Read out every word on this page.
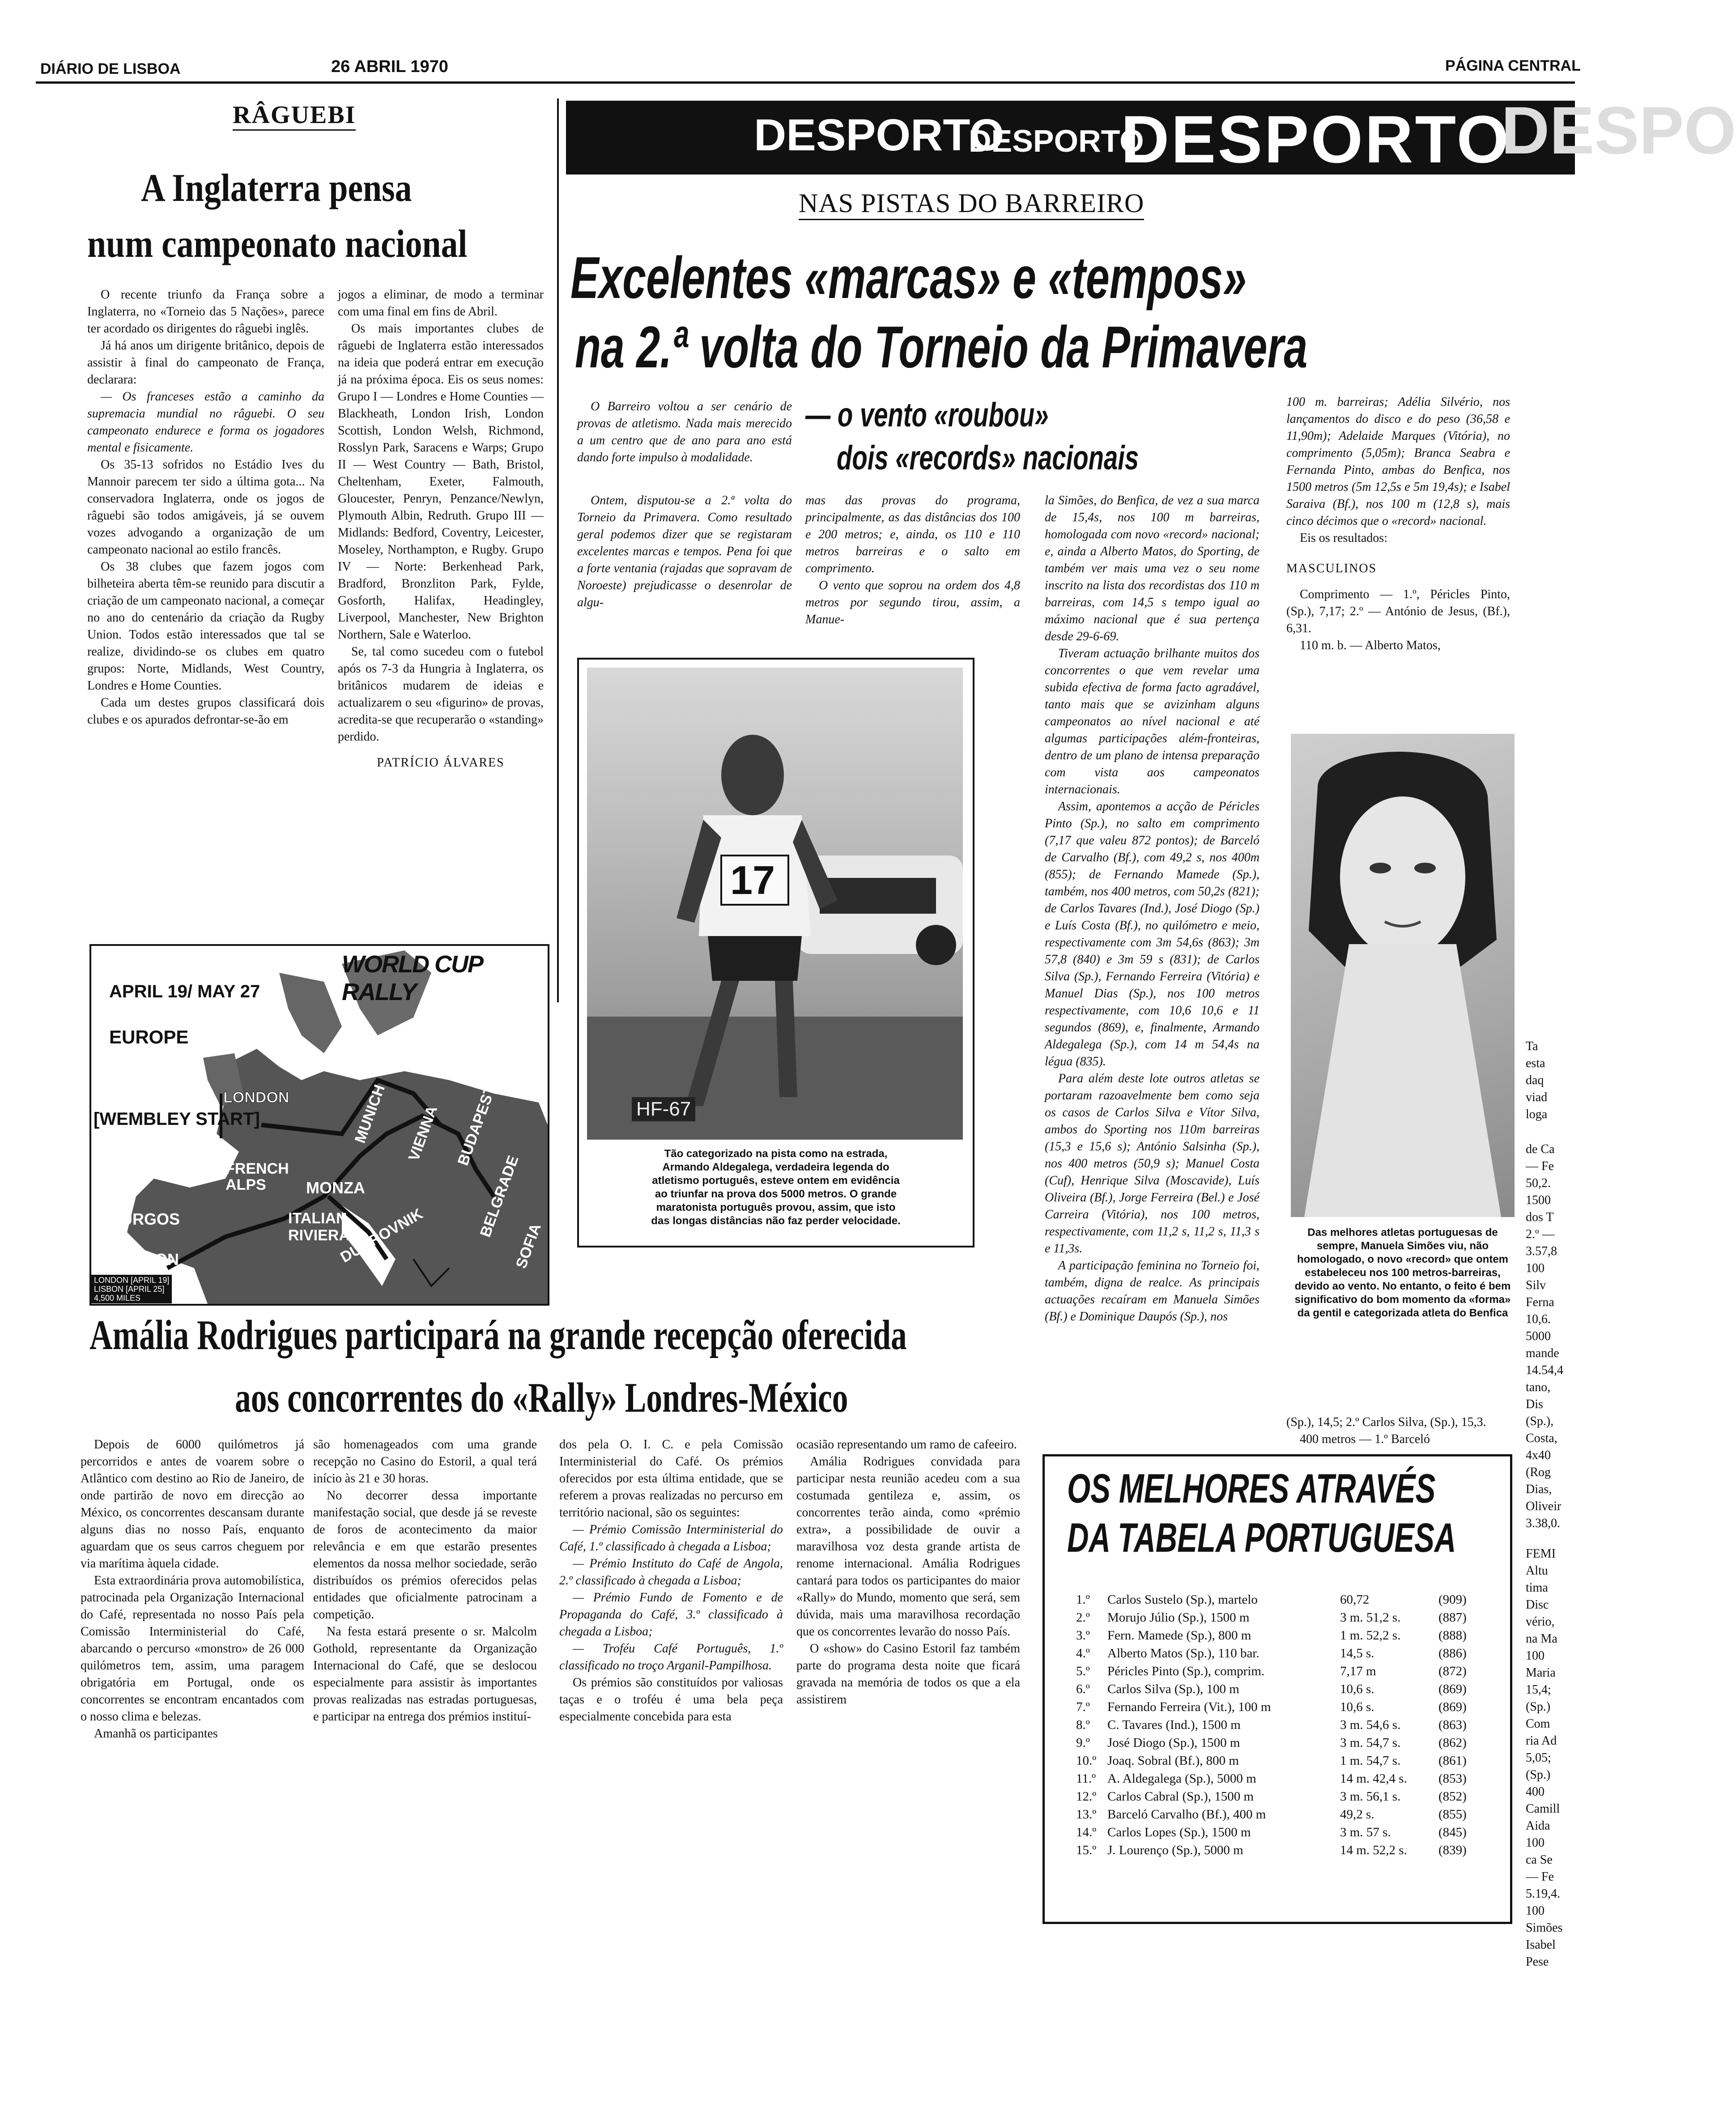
DIÁRIO DE LISBOA	26 ABRIL 1970	PÁGINA CENTRAL
RÂGUEBI
A Inglaterra pensa
num campeonato nacional

O recente triunfo da França sobre a Inglaterra, no «Torneio das 5 Nações», parece ter acordado os dirigentes do râguebi inglês.

Já há anos um dirigente britânico, depois de assistir à final do campeonato de França, declarara:

— Os franceses estão a caminho da supremacia mundial no râguebi. O seu campeonato endurece e forma os jogadores mental e fisicamente.

Os 35-13 sofridos no Estádio Ives du Mannoir parecem ter sido a última gota... Na conservadora Inglaterra, onde os jogos de râguebi são todos amigáveis, já se ouvem vozes advogando a organização de um campeonato nacional ao estilo francês.

Os 38 clubes que fazem jogos com bilheteira aberta têm-se reunido para discutir a criação de um campeonato nacional, a começar no ano do centenário da criação da Rugby Union. Todos estão interessados que tal se realize, dividindo-se os clubes em quatro grupos: Norte, Midlands, West Country, Londres e Home Counties.

Cada um destes grupos classificará dois clubes e os apurados defrontar-se-ão em

jogos a eliminar, de modo a terminar com uma final em fins de Abril.

Os mais importantes clubes de râguebi de Inglaterra estão interessados na ideia que poderá entrar em execução já na próxima época. Eis os seus nomes: Grupo I — Londres e Home Counties — Blackheath, London Irish, London Scottish, London Welsh, Richmond, Rosslyn Park, Saracens e Warps; Grupo II — West Country — Bath, Bristol, Cheltenham, Exeter, Falmouth, Gloucester, Penryn, Penzance/Newlyn, Plymouth Albin, Redruth. Grupo III — Midlands: Bedford, Coventry, Leicester, Moseley, Northampton, e Rugby. Grupo IV — Norte: Berkenhead Park, Bradford, Bronzliton Park, Fylde, Gosforth, Halifax, Headingley, Liverpool, Manchester, New Brighton Northern, Sale e Waterloo.

Se, tal como sucedeu com o futebol após os 7-3 da Hungria à Inglaterra, os britânicos mudarem de ideias e actualizarem o seu «figurino» de provas, acredita-se que recuperarão o «standing» perdido.

PATRÍCIO ÁLVARES

WORLD CUP RALLY
APRIL 19/ MAY 27
EUROPE
LONDON
[WEMBLEY START]	MUNICH VIENNA BUDAPEST
BELGRADE
SOFIA
FRENCH ALPS	MONZA
ITALIAN RIVIERA
BURGOS
LISBON	DUBROVNIK
LONDON [APRIL 19]
LISBON [APRIL 25]
4,500 MILES
DESPORTO
DESPORTO
DESPORTO
DESPO
NAS PISTAS DO BARREIRO
Excelentes «marcas» e «tempos»
na 2.ª volta do Torneio da Primavera

O Barreiro voltou a ser cenário de provas de atletismo. Nada mais merecido a um centro que de ano para ano está dando forte impulso à modalidade.

— o vento «roubou»
dois «records» nacionais

Ontem, disputou-se a 2.ª volta do Torneio da Primavera. Como resultado geral podemos dizer que se registaram excelentes marcas e tempos. Pena foi que a forte ventania (rajadas que sopravam de Noroeste) prejudicasse o desenrolar de algu-

mas das provas do programa, principalmente, as das distâncias dos 100 e 200 metros; e, ainda, os 110 e 110 metros barreiras e o salto em comprimento.

O vento que soprou na ordem dos 4,8 metros por segundo tirou, assim, a Manue-

17
HF-67
Tão categorizado na pista como na estrada, Armando Aldegalega, verdadeira legenda do atletismo português, esteve ontem em evidência ao triunfar na prova dos 5000 metros. O grande maratonista português provou, assim, que isto das longas distâncias não faz perder velocidade.

la Simões, do Benfica, de vez a sua marca de 15,4s, nos 100 m barreiras, homologada com novo «record» nacional; e, ainda a Alberto Matos, do Sporting, de também ver mais uma vez o seu nome inscrito na lista dos recordistas dos 110 m barreiras, com 14,5 s tempo igual ao máximo nacional que é sua pertença desde 29-6-69.

Tiveram actuação brilhante muitos dos concorrentes o que vem revelar uma subida efectiva de forma facto agradável, tanto mais que se avizinham alguns campeonatos ao nível nacional e até algumas participações além-fronteiras, dentro de um plano de intensa preparação com vista aos campeonatos internacionais.

Assim, apontemos a acção de Péricles Pinto (Sp.), no salto em comprimento (7,17 que valeu 872 pontos); de Barceló de Carvalho (Bf.), com 49,2 s, nos 400m (855); de Fernando Mamede (Sp.), também, nos 400 metros, com 50,2s (821); de Carlos Tavares (Ind.), José Diogo (Sp.) e Luís Costa (Bf.), no quilómetro e meio, respectivamente com 3m 54,6s (863); 3m 57,8 (840) e 3m 59 s (831); de Carlos Silva (Sp.), Fernando Ferreira (Vitória) e Manuel Dias (Sp.), nos 100 metros respectivamente, com 10,6 10,6 e 11 segundos (869), e, finalmente, Armando Aldegalega (Sp.), com 14 m 54,4s na légua (835).

Para além deste lote outros atletas se portaram razoavelmente bem como seja os casos de Carlos Silva e Vítor Silva, ambos do Sporting nos 110m barreiras (15,3 e 15,6 s); António Salsinha (Sp.), nos 400 metros (50,9 s); Manuel Costa (Cuf), Henrique Silva (Moscavide), Luís Oliveira (Bf.), Jorge Ferreira (Bel.) e José Carreira (Vitória), nos 100 metros, respectivamente, com 11,2 s, 11,2 s, 11,3 s e 11,3s.

A participação feminina no Torneio foi, também, digna de realce. As principais actuações recaíram em Manuela Simões (Bf.) e Dominique Daupós (Sp.), nos

100 m. barreiras; Adélia Silvério, nos lançamentos do disco e do peso (36,58 e 11,90m); Adelaide Marques (Vitória), no comprimento (5,05m); Branca Seabra e Fernanda Pinto, ambas do Benfica, nos 1500 metros (5m 12,5s e 5m 19,4s); e Isabel Saraiva (Bf.), nos 100 m (12,8 s), mais cinco décimos que o «record» nacional.

Eis os resultados:

MASCULINOS

Comprimento — 1.º, Péricles Pinto, (Sp.), 7,17; 2.º — António de Jesus, (Bf.), 6,31.

110 m. b. — Alberto Matos,

Das melhores atletas portuguesas de sempre, Manuela Simões viu, não homologado, o novo «record» que ontem estabeleceu nos 100 metros-barreiras, devido ao vento. No entanto, o feito é bem significativo do bom momento da «forma» da gentil e categorizada atleta do Benfica

(Sp.), 14,5; 2.º Carlos Silva, (Sp.), 15,3.

400 metros — 1.º Barceló

Ta
esta
daq
viad
loga
de Ca
— Fe
50,2.
1500
dos T
2.º —
3.57,8
100
Silv
Ferna
10,6.
5000
mande
14.54,4
tano,
Dis
(Sp.),
Costa,
4x40
(Rog
Dias,
Oliveir
3.38,0.
FEMI
Altu
tima
Disc
vério,
na Ma
100
Maria
15,4;
(Sp.)
Com
ria Ad
5,05;
(Sp.)
400
Camill
Aida
100
ca Se
— Fe
5.19,4.
100
Simões
Isabel
Pese
Amália Rodrigues participará na grande recepção oferecida
aos concorrentes do «Rally» Londres-México

Depois de 6000 quilómetros já percorridos e antes de voarem sobre o Atlântico com destino ao Rio de Janeiro, de onde partirão de novo em direcção ao México, os concorrentes descansam durante alguns dias no nosso País, enquanto aguardam que os seus carros cheguem por via marítima àquela cidade.

Esta extraordinária prova automobilística, patrocinada pela Organização Internacional do Café, representada no nosso País pela Comissão Interministerial do Café, abarcando o percurso «monstro» de 26 000 quilómetros tem, assim, uma paragem obrigatória em Portugal, onde os concorrentes se encontram encantados com o nosso clima e belezas.

Amanhã os participantes

são homenageados com uma grande recepção no Casino do Estoril, a qual terá início às 21 e 30 horas.

No decorrer dessa importante manifestação social, que desde já se reveste de foros de acontecimento da maior relevância e em que estarão presentes elementos da nossa melhor sociedade, serão distribuídos os prémios oferecidos pelas entidades que oficialmente patrocinam a competição.

Na festa estará presente o sr. Malcolm Gothold, representante da Organização Internacional do Café, que se deslocou especialmente para assistir às importantes provas realizadas nas estradas portuguesas, e participar na entrega dos prémios instituí-

dos pela O. I. C. e pela Comissão Interministerial do Café. Os prémios oferecidos por esta última entidade, que se referem a provas realizadas no percurso em território nacional, são os seguintes:

— Prémio Comissão Interministerial do Café, 1.º classificado à chegada a Lisboa;

— Prémio Instituto do Café de Angola, 2.º classificado à chegada a Lisboa;

— Prémio Fundo de Fomento e de Propaganda do Café, 3.º classificado à chegada a Lisboa;

— Troféu Café Português, 1.º classificado no troço Arganil-Pampilhosa.

Os prémios são constituídos por valiosas taças e o troféu é uma bela peça especialmente concebida para esta

ocasião representando um ramo de cafeeiro.

Amália Rodrigues convidada para participar nesta reunião acedeu com a sua costumada gentileza e, assim, os concorrentes terão ainda, como «prémio extra», a possibilidade de ouvir a maravilhosa voz desta grande artista de renome internacional. Amália Rodrigues cantará para todos os participantes do maior «Rally» do Mundo, momento que será, sem dúvida, mais uma maravilhosa recordação que os concorrentes levarão do nosso País.

O «show» do Casino Estoril faz também parte do programa desta noite que ficará gravada na memória de todos os que a ela assistirem

OS MELHORES ATRAVÉS
DA TABELA PORTUGUESA
1.º	Carlos Sustelo (Sp.), martelo	60,72	(909)
2.º	Morujo Júlio (Sp.), 1500 m	3 m. 51,2 s.	(887)
3.º	Fern. Mamede (Sp.), 800 m	1 m. 52,2 s.	(888)
4.º	Alberto Matos (Sp.), 110 bar.	14,5 s.	(886)
5.º	Péricles Pinto (Sp.), comprim.	7,17 m	(872)
6.º	Carlos Silva (Sp.), 100 m	10,6 s.	(869)
7.º	Fernando Ferreira (Vit.), 100 m	10,6 s.	(869)
8.º	C. Tavares (Ind.), 1500 m	3 m. 54,6 s.	(863)
9.º	José Diogo (Sp.), 1500 m	3 m. 54,7 s.	(862)
10.º Joaq. Sobral (Bf.), 800 m	1 m. 54,7 s.	(861)
11.º A. Aldegalega (Sp.), 5000 m	14 m. 42,4 s.	(853)
12.º Carlos Cabral (Sp.), 1500 m	3 m. 56,1 s.	(852)
13.º Barceló Carvalho (Bf.), 400 m	49,2 s.	(855)
14.º Carlos Lopes (Sp.), 1500 m	3 m. 57 s.	(845)
15.º J. Lourenço (Sp.), 5000 m	14 m. 52,2 s.	(839)
